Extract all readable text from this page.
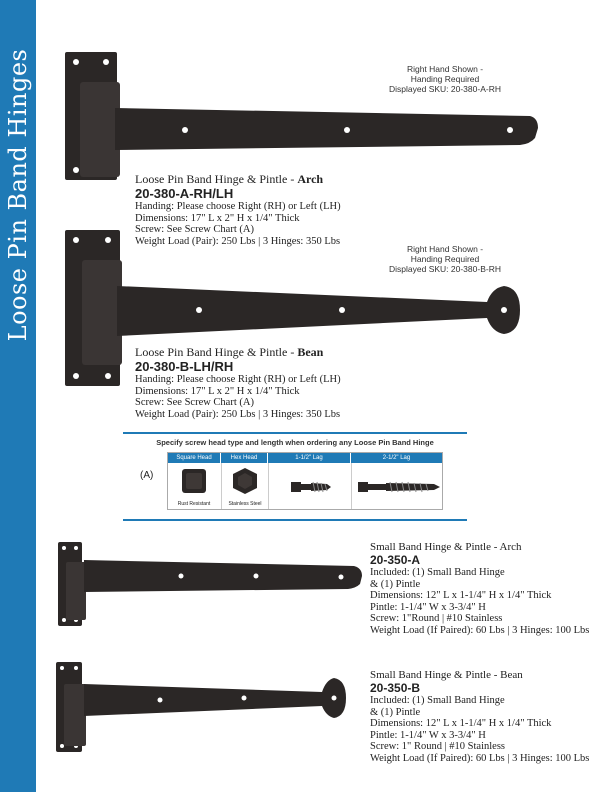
Loose Pin Band Hinges	Right Hand Shown -
Handing Required
Displayed SKU: 20-380-A-RH
Loose Pin Band Hinge & Pintle - Arch
20-380-A-RH/LH
Handing: Please choose Right (RH) or Left (LH)
Dimensions: 17" L x 2" H x 1/4" Thick
Screw: See Screw Chart (A)
Weight Load (Pair): 250 Lbs | 3 Hinges: 350 Lbs
Right Hand Shown -
Handing Required
Displayed SKU: 20-380-B-RH
Loose Pin Band Hinge & Pintle - Bean
20-380-B-LH/RH
Handing: Please choose Right (RH) or Left (LH)
Dimensions: 17" L x 2" H x 1/4" Thick
Screw: See Screw Chart (A)
Weight Load (Pair): 250 Lbs | 3 Hinges: 350 Lbs
Specify screw head type and length when ordering any Loose Pin Band Hinge
(A)
Square Head	Hex Head	1-1/2" Lag	2-1/2" Lag
Rust Resistant	Stainless Steel
Small Band Hinge & Pintle - Arch
20-350-A
Included: (1) Small Band Hinge
& (1) Pintle
Dimensions: 12" L x 1-1/4" H x 1/4" Thick
Pintle: 1-1/4" W x 3-3/4" H
Screw: 1"Round | #10 Stainless
Weight Load (If Paired): 60 Lbs | 3 Hinges: 100 Lbs
Small Band Hinge & Pintle - Bean
20-350-B
Included: (1) Small Band Hinge
& (1) Pintle
Dimensions: 12" L x 1-1/4" H x 1/4" Thick
Pintle: 1-1/4" W x 3-3/4" H
Screw: 1" Round | #10 Stainless
Weight Load (If Paired): 60 Lbs | 3 Hinges: 100 Lbs
